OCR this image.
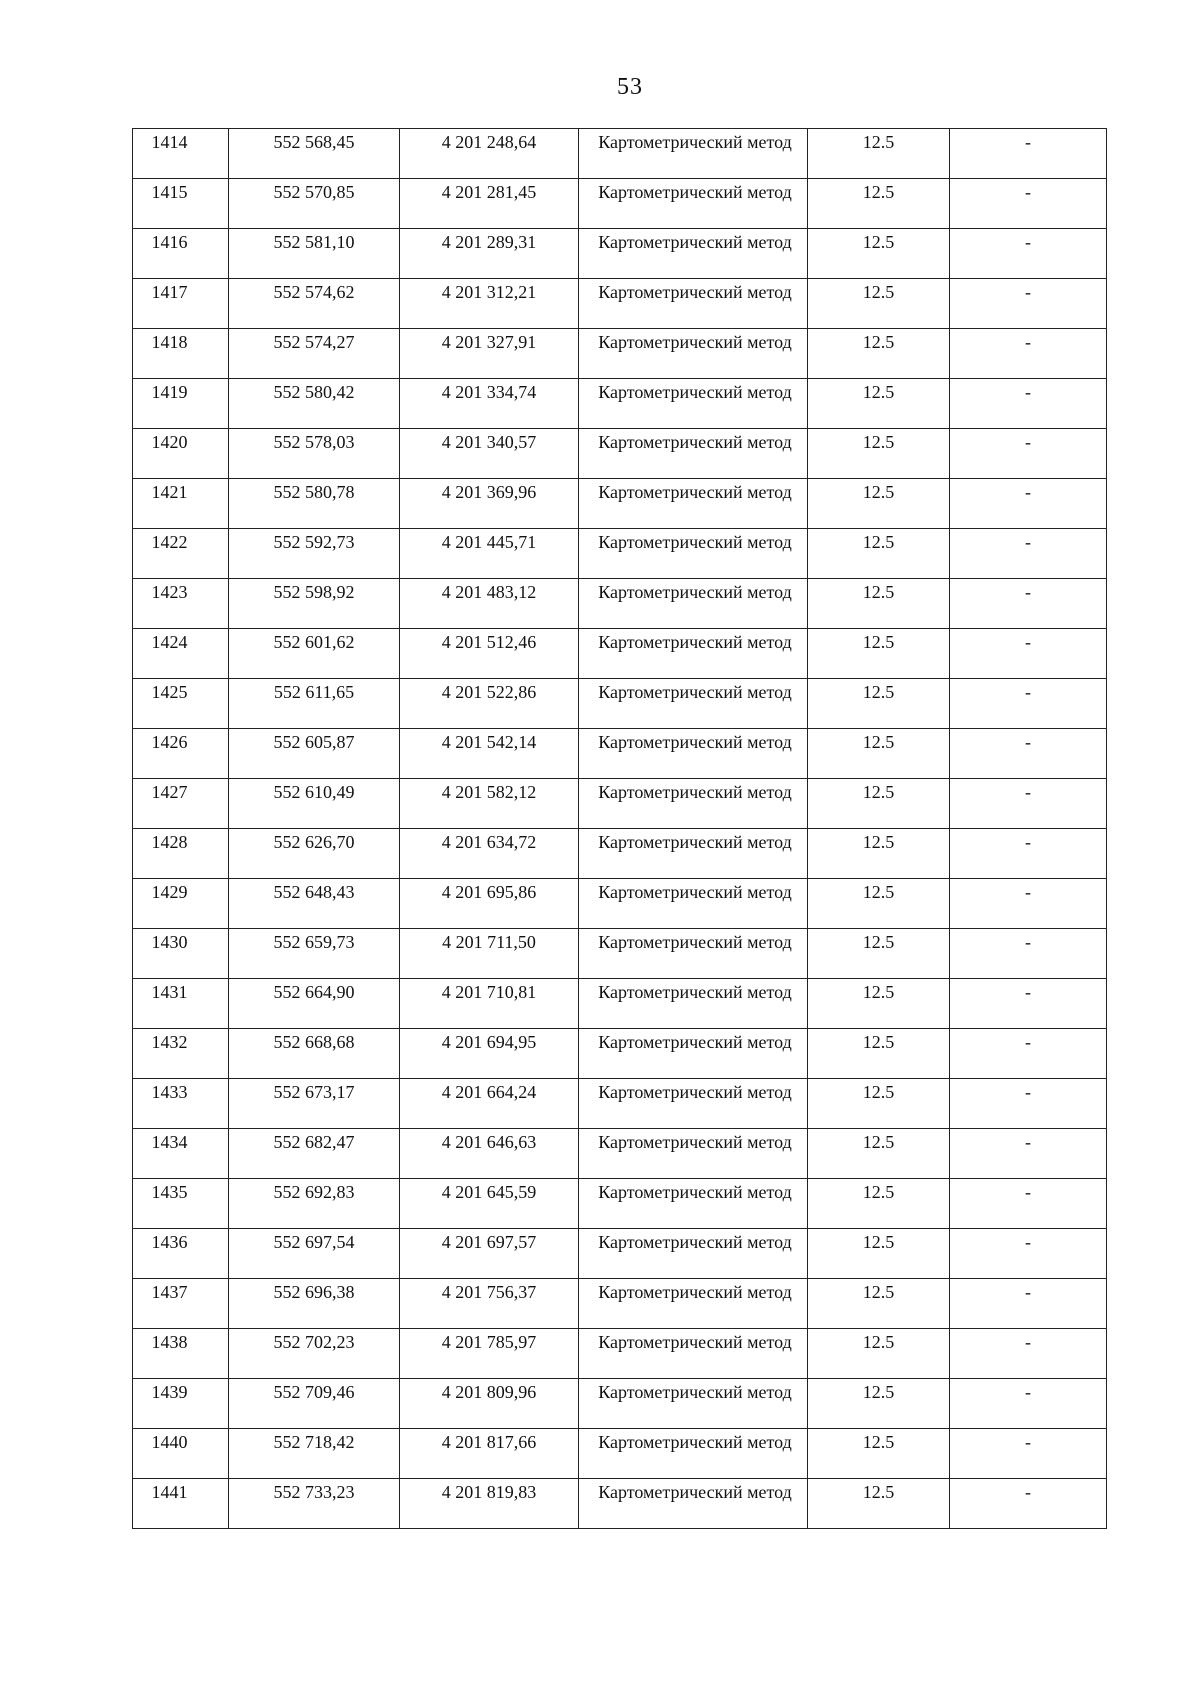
53
1414	552 568,45	4 201 248,64	Картометрический метод	12.5	-

1415	552 570,85	4 201 281,45	Картометрический метод	12.5	-

1416	552 581,10	4 201 289,31	Картометрический метод	12.5	-

1417	552 574,62	4 201 312,21	Картометрический метод	12.5	-

1418	552 574,27	4 201 327,91	Картометрический метод	12.5	-

1419	552 580,42	4 201 334,74	Картометрический метод	12.5	-

1420	552 578,03	4 201 340,57	Картометрический метод	12.5	-

1421	552 580,78	4 201 369,96	Картометрический метод	12.5	-

1422	552 592,73	4 201 445,71	Картометрический метод	12.5	-

1423	552 598,92	4 201 483,12	Картометрический метод	12.5	-

1424	552 601,62	4 201 512,46	Картометрический метод	12.5	-

1425	552 611,65	4 201 522,86	Картометрический метод	12.5	-

1426	552 605,87	4 201 542,14	Картометрический метод	12.5	-

1427	552 610,49	4 201 582,12	Картометрический метод	12.5	-

1428	552 626,70	4 201 634,72	Картометрический метод	12.5	-

1429	552 648,43	4 201 695,86	Картометрический метод	12.5	-

1430	552 659,73	4 201 711,50	Картометрический метод	12.5	-

1431	552 664,90	4 201 710,81	Картометрический метод	12.5	-

1432	552 668,68	4 201 694,95	Картометрический метод	12.5	-

1433	552 673,17	4 201 664,24	Картометрический метод	12.5	-

1434	552 682,47	4 201 646,63	Картометрический метод	12.5	-

1435	552 692,83	4 201 645,59	Картометрический метод	12.5	-

1436	552 697,54	4 201 697,57	Картометрический метод	12.5	-

1437	552 696,38	4 201 756,37	Картометрический метод	12.5	-

1438	552 702,23	4 201 785,97	Картометрический метод	12.5	-

1439	552 709,46	4 201 809,96	Картометрический метод	12.5	-

1440	552 718,42	4 201 817,66	Картометрический метод	12.5	-

1441	552 733,23	4 201 819,83	Картометрический метод	12.5	-
